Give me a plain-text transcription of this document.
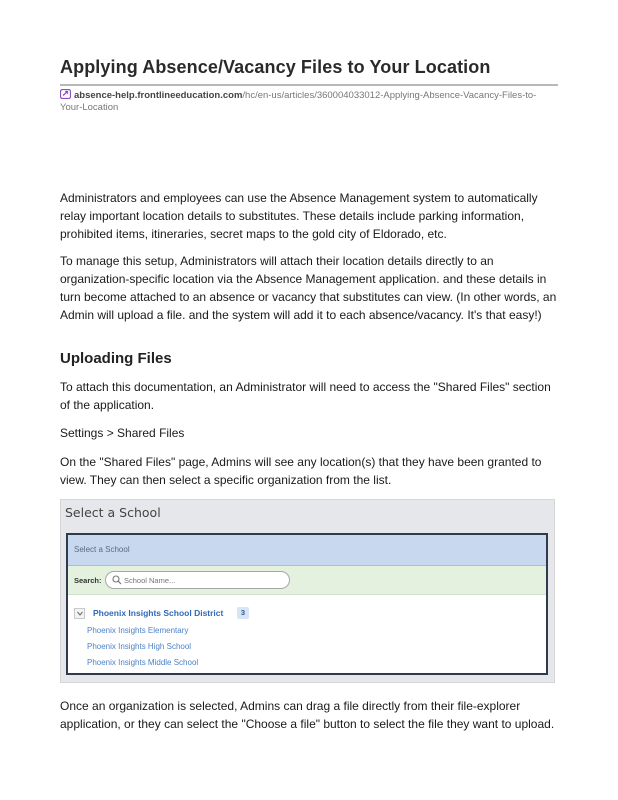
Applying Absence/Vacancy Files to Your Location
absence-help.frontlineeducation.com/hc/en-us/articles/360004033012-Applying-Absence-Vacancy-Files-to-Your-Location
Administrators and employees can use the Absence Management system to automatically relay important location details to substitutes. These details include parking information, prohibited items, itineraries, secret maps to the gold city of Eldorado, etc.
To manage this setup, Administrators will attach their location details directly to an organization-specific location via the Absence Management application. and these details in turn become attached to an absence or vacancy that substitutes can view. (In other words, an Admin will upload a file. and the system will add it to each absence/vacancy. It's that easy!)
Uploading Files
To attach this documentation, an Administrator will need to access the "Shared Files" section of the application.
Settings > Shared Files
On the "Shared Files" page, Admins will see any location(s) that they have been granted to view. They can then select a specific organization from the list.
Select a School
Select a School
Search:
School Name...
Phoenix Insights School District	3
Phoenix Insights Elementary
Phoenix Insights High School
Phoenix Insights Middle School
Once an organization is selected, Admins can drag a file directly from their file-explorer application, or they can select the "Choose a file" button to select the file they want to upload.
